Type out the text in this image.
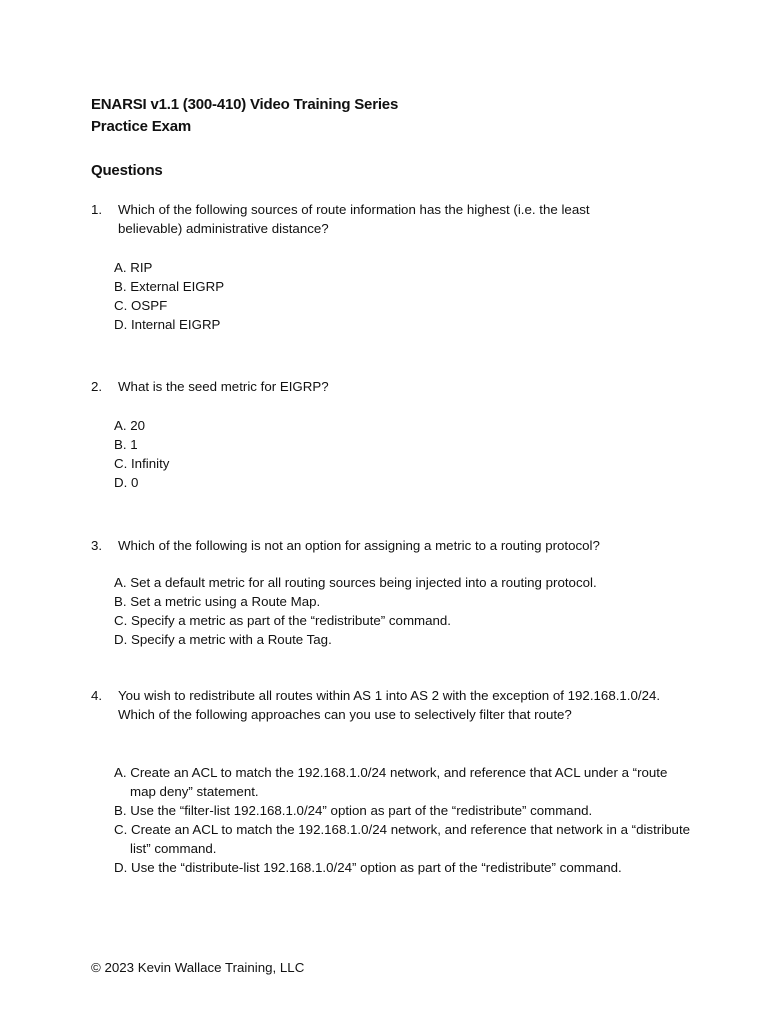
ENARSI v1.1 (300-410) Video Training Series
Practice Exam
Questions
1. Which of the following sources of route information has the highest (i.e. the least believable) administrative distance?
A. RIP
B. External EIGRP
C. OSPF
D. Internal EIGRP
2. What is the seed metric for EIGRP?
A. 20
B. 1
C. Infinity
D. 0
3. Which of the following is not an option for assigning a metric to a routing protocol?
A. Set a default metric for all routing sources being injected into a routing protocol.
B. Set a metric using a Route Map.
C. Specify a metric as part of the “redistribute” command.
D. Specify a metric with a Route Tag.
4. You wish to redistribute all routes within AS 1 into AS 2 with the exception of 192.168.1.0/24. Which of the following approaches can you use to selectively filter that route?
A. Create an ACL to match the 192.168.1.0/24 network, and reference that ACL under a “route map deny” statement.
B. Use the “filter-list 192.168.1.0/24” option as part of the “redistribute” command.
C. Create an ACL to match the 192.168.1.0/24 network, and reference that network in a “distribute list” command.
D. Use the “distribute-list 192.168.1.0/24” option as part of the “redistribute” command.
© 2023 Kevin Wallace Training, LLC
